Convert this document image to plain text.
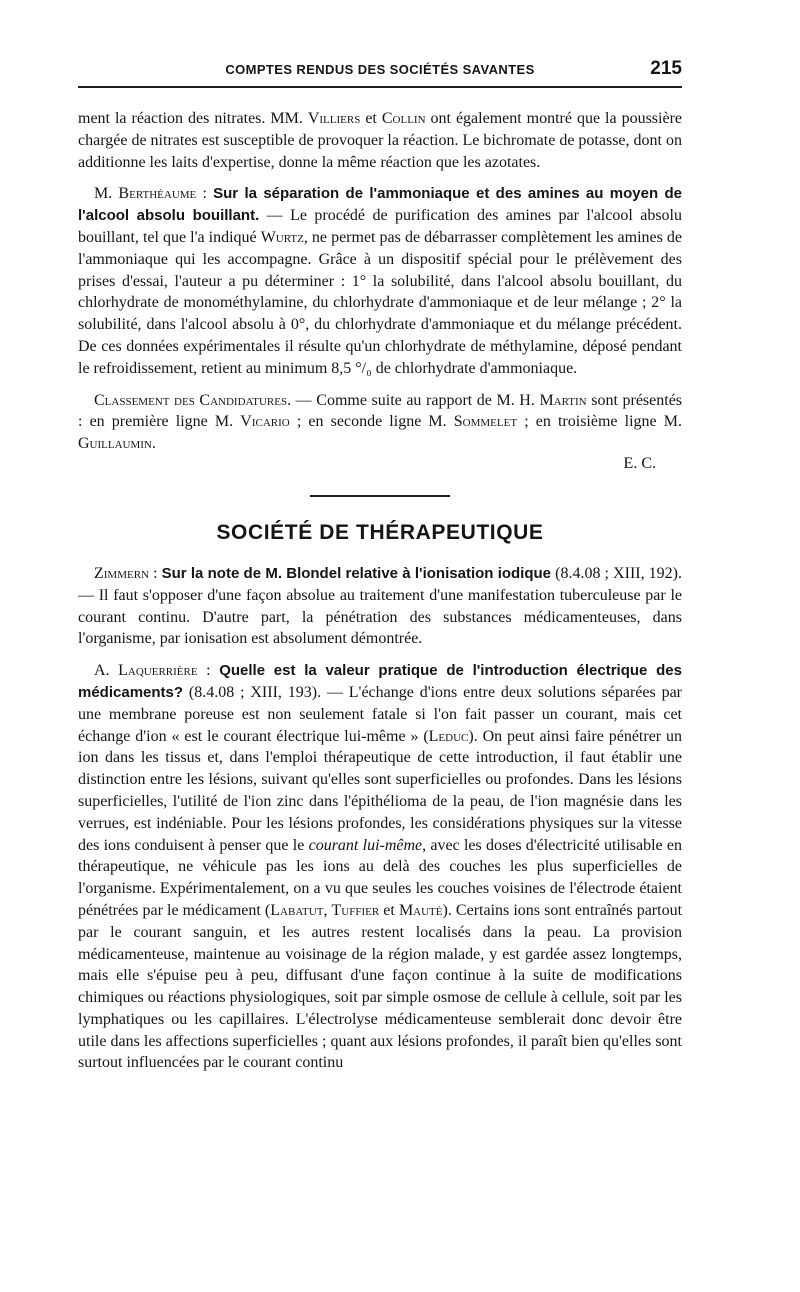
COMPTES RENDUS DES SOCIÉTÉS SAVANTES	215

ment la réaction des nitrates. MM. Villiers et Collin ont également montré que la poussière chargée de nitrates est susceptible de provoquer la réaction. Le bichromate de potasse, dont on additionne les laits d'expertise, donne la même réaction que les azotates.

M. Berthéaume : Sur la séparation de l'ammoniaque et des amines au moyen de l'alcool absolu bouillant. — Le procédé de purification des amines par l'alcool absolu bouillant, tel que l'a indiqué Wurtz, ne permet pas de débarrasser complètement les amines de l'ammoniaque qui les accompagne. Grâce à un dispositif spécial pour le prélèvement des prises d'essai, l'auteur a pu déterminer : 1° la solubilité, dans l'alcool absolu bouillant, du chlorhydrate de monométhylamine, du chlorhydrate d'ammoniaque et de leur mélange ; 2° la solubilité, dans l'alcool absolu à 0°, du chlorhydrate d'ammoniaque et du mélange précédent. De ces données expérimentales il résulte qu'un chlorhydrate de méthylamine, déposé pendant le refroidissement, retient au minimum 8,5 °/₀ de chlorhydrate d'ammoniaque.

Classement des Candidatures. — Comme suite au rapport de M. H. Martin sont présentés : en première ligne M. Vicario ; en seconde ligne M. Sommelet ; en troisième ligne M. Guillaumin.

E. C.
SOCIÉTÉ DE THÉRAPEUTIQUE

Zimmern : Sur la note de M. Blondel relative à l'ionisation iodique (8.4.08 ; XIII, 192). — Il faut s'opposer d'une façon absolue au traitement d'une manifestation tuberculeuse par le courant continu. D'autre part, la pénétration des substances médicamenteuses, dans l'organisme, par ionisation est absolument démontrée.

A. Laquerrière : Quelle est la valeur pratique de l'introduction électrique des médicaments? (8.4.08 ; XIII, 193). — L'échange d'ions entre deux solutions séparées par une membrane poreuse est non seulement fatale si l'on fait passer un courant, mais cet échange d'ion « est le courant électrique lui-même » (Leduc). On peut ainsi faire pénétrer un ion dans les tissus et, dans l'emploi thérapeutique de cette introduction, il faut établir une distinction entre les lésions, suivant qu'elles sont superficielles ou profondes. Dans les lésions superficielles, l'utilité de l'ion zinc dans l'épithélioma de la peau, de l'ion magnésie dans les verrues, est indéniable. Pour les lésions profondes, les considérations physiques sur la vitesse des ions conduisent à penser que le courant lui-même, avec les doses d'électricité utilisable en thérapeutique, ne véhicule pas les ions au delà des couches les plus superficielles de l'organisme. Expérimentalement, on a vu que seules les couches voisines de l'électrode étaient pénétrées par le médicament (Labatut, Tuffier et Mauté). Certains ions sont entraînés partout par le courant sanguin, et les autres restent localisés dans la peau. La provision médicamenteuse, maintenue au voisinage de la région malade, y est gardée assez longtemps, mais elle s'épuise peu à peu, diffusant d'une façon continue à la suite de modifications chimiques ou réactions physiologiques, soit par simple osmose de cellule à cellule, soit par les lymphatiques ou les capillaires. L'électrolyse médicamenteuse semblerait donc devoir être utile dans les affections superficielles ; quant aux lésions profondes, il paraît bien qu'elles sont surtout influencées par le courant continu
